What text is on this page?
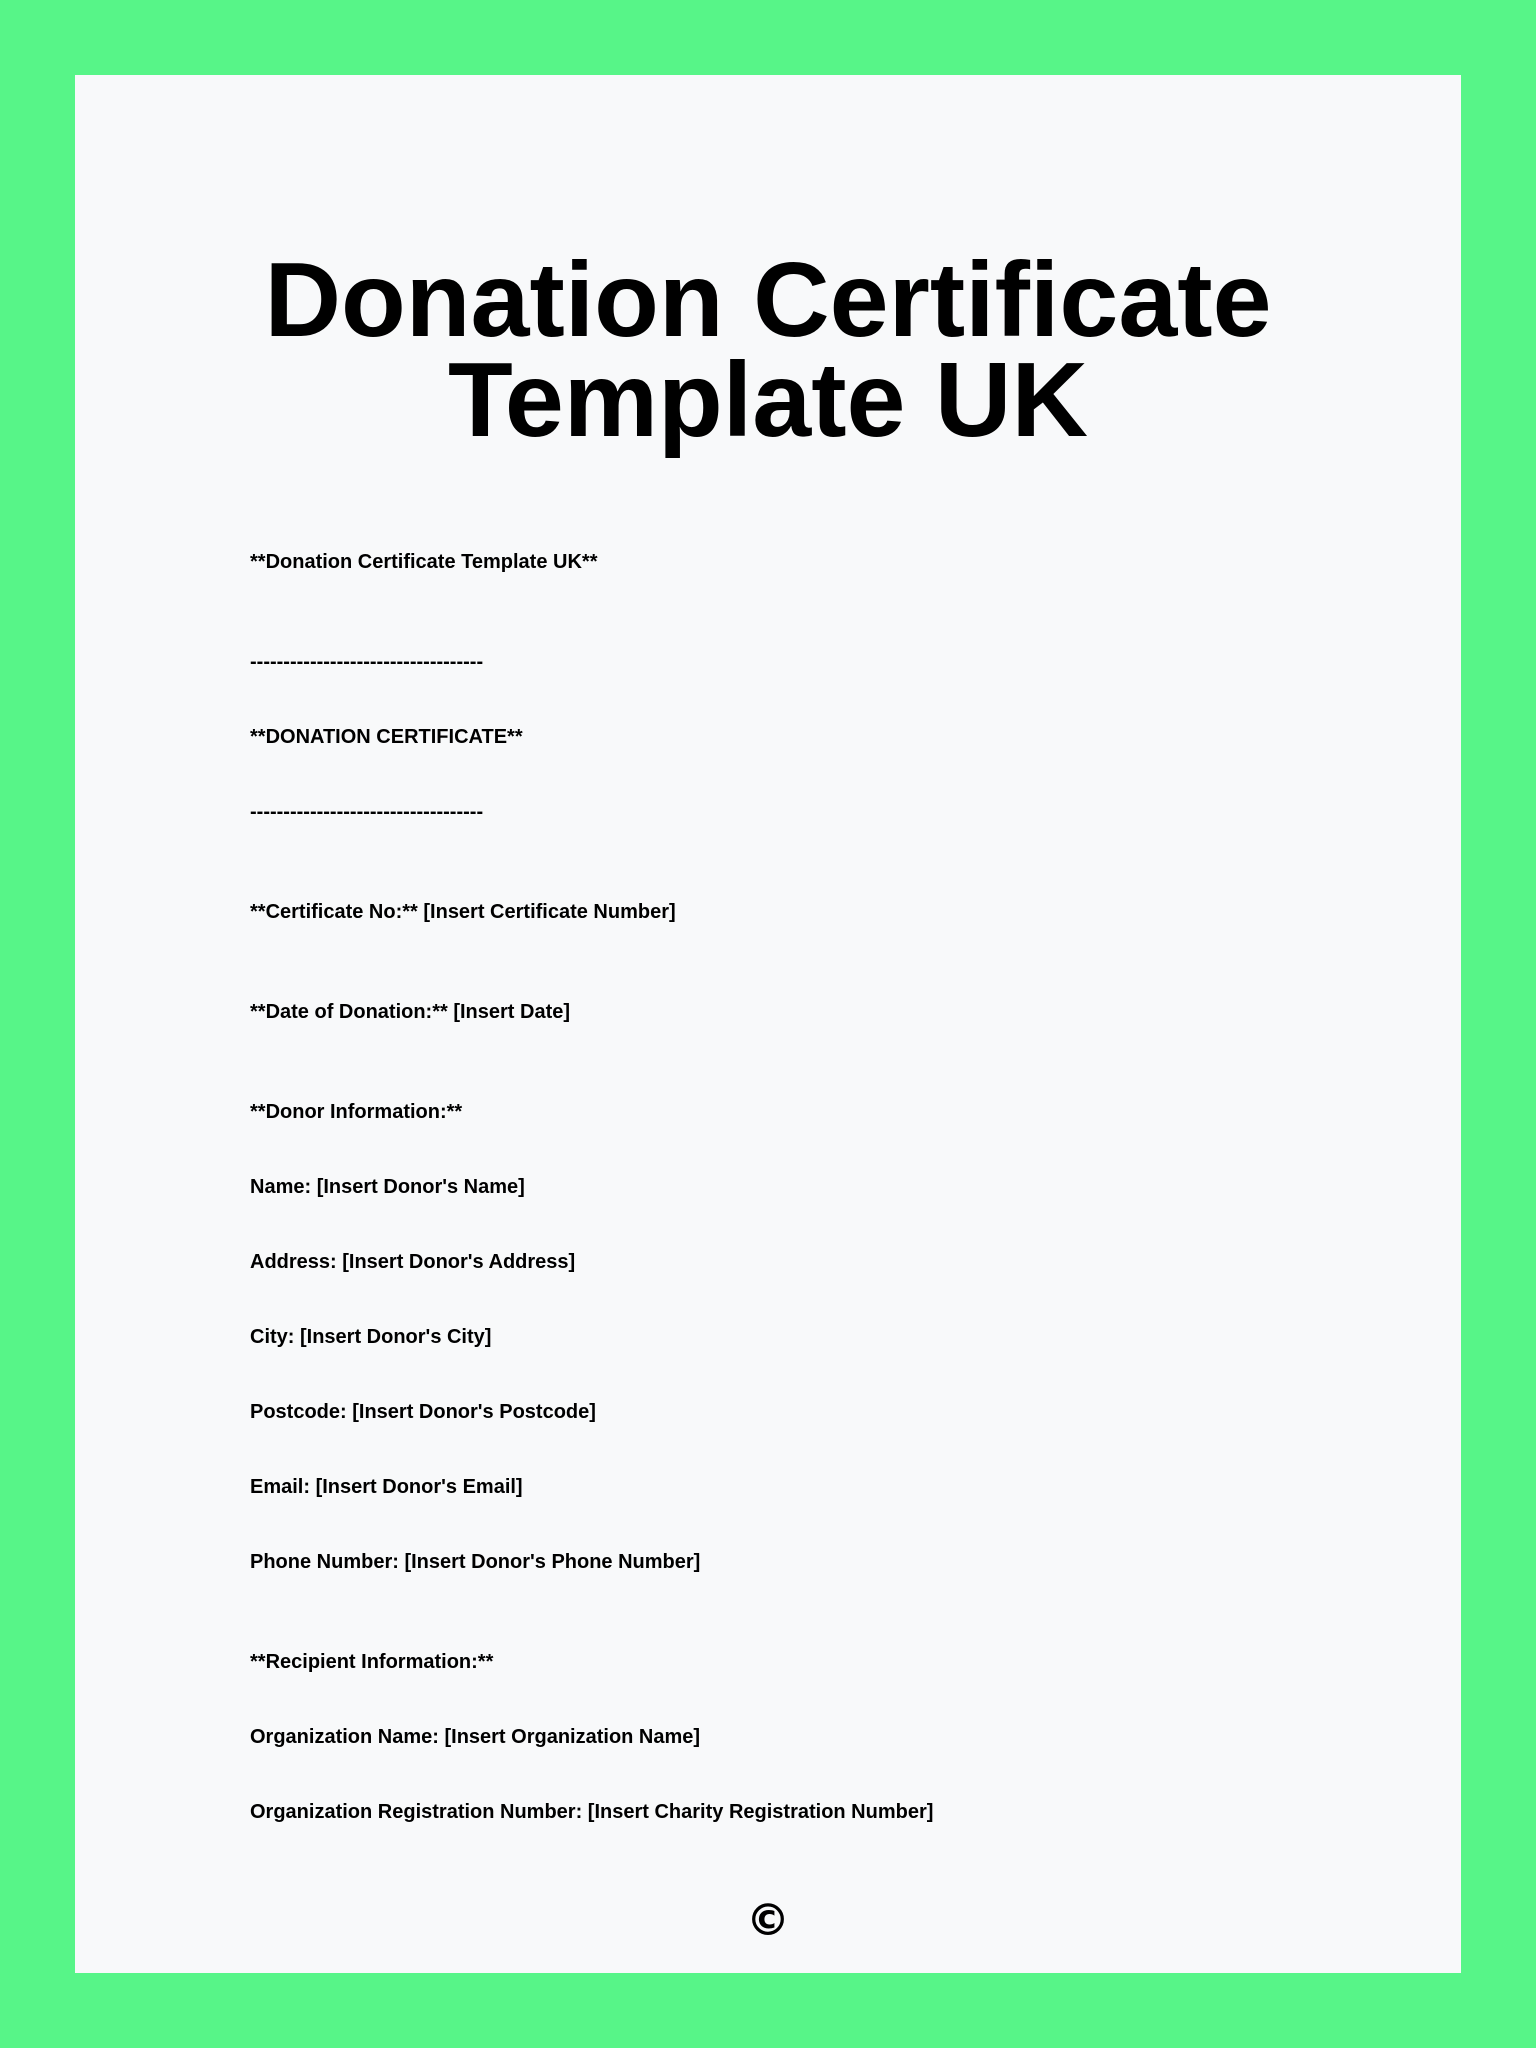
Donation Certificate
Template UK

**Donation Certificate Template UK**

-----------------------------------

**DONATION CERTIFICATE**

-----------------------------------

**Certificate No:** [Insert Certificate Number]

**Date of Donation:** [Insert Date]

**Donor Information:**

Name: [Insert Donor's Name]

Address: [Insert Donor's Address]

City: [Insert Donor's City]

Postcode: [Insert Donor's Postcode]

Email: [Insert Donor's Email]

Phone Number: [Insert Donor's Phone Number]

**Recipient Information:**

Organization Name: [Insert Organization Name]

Organization Registration Number: [Insert Charity Registration Number]

©
